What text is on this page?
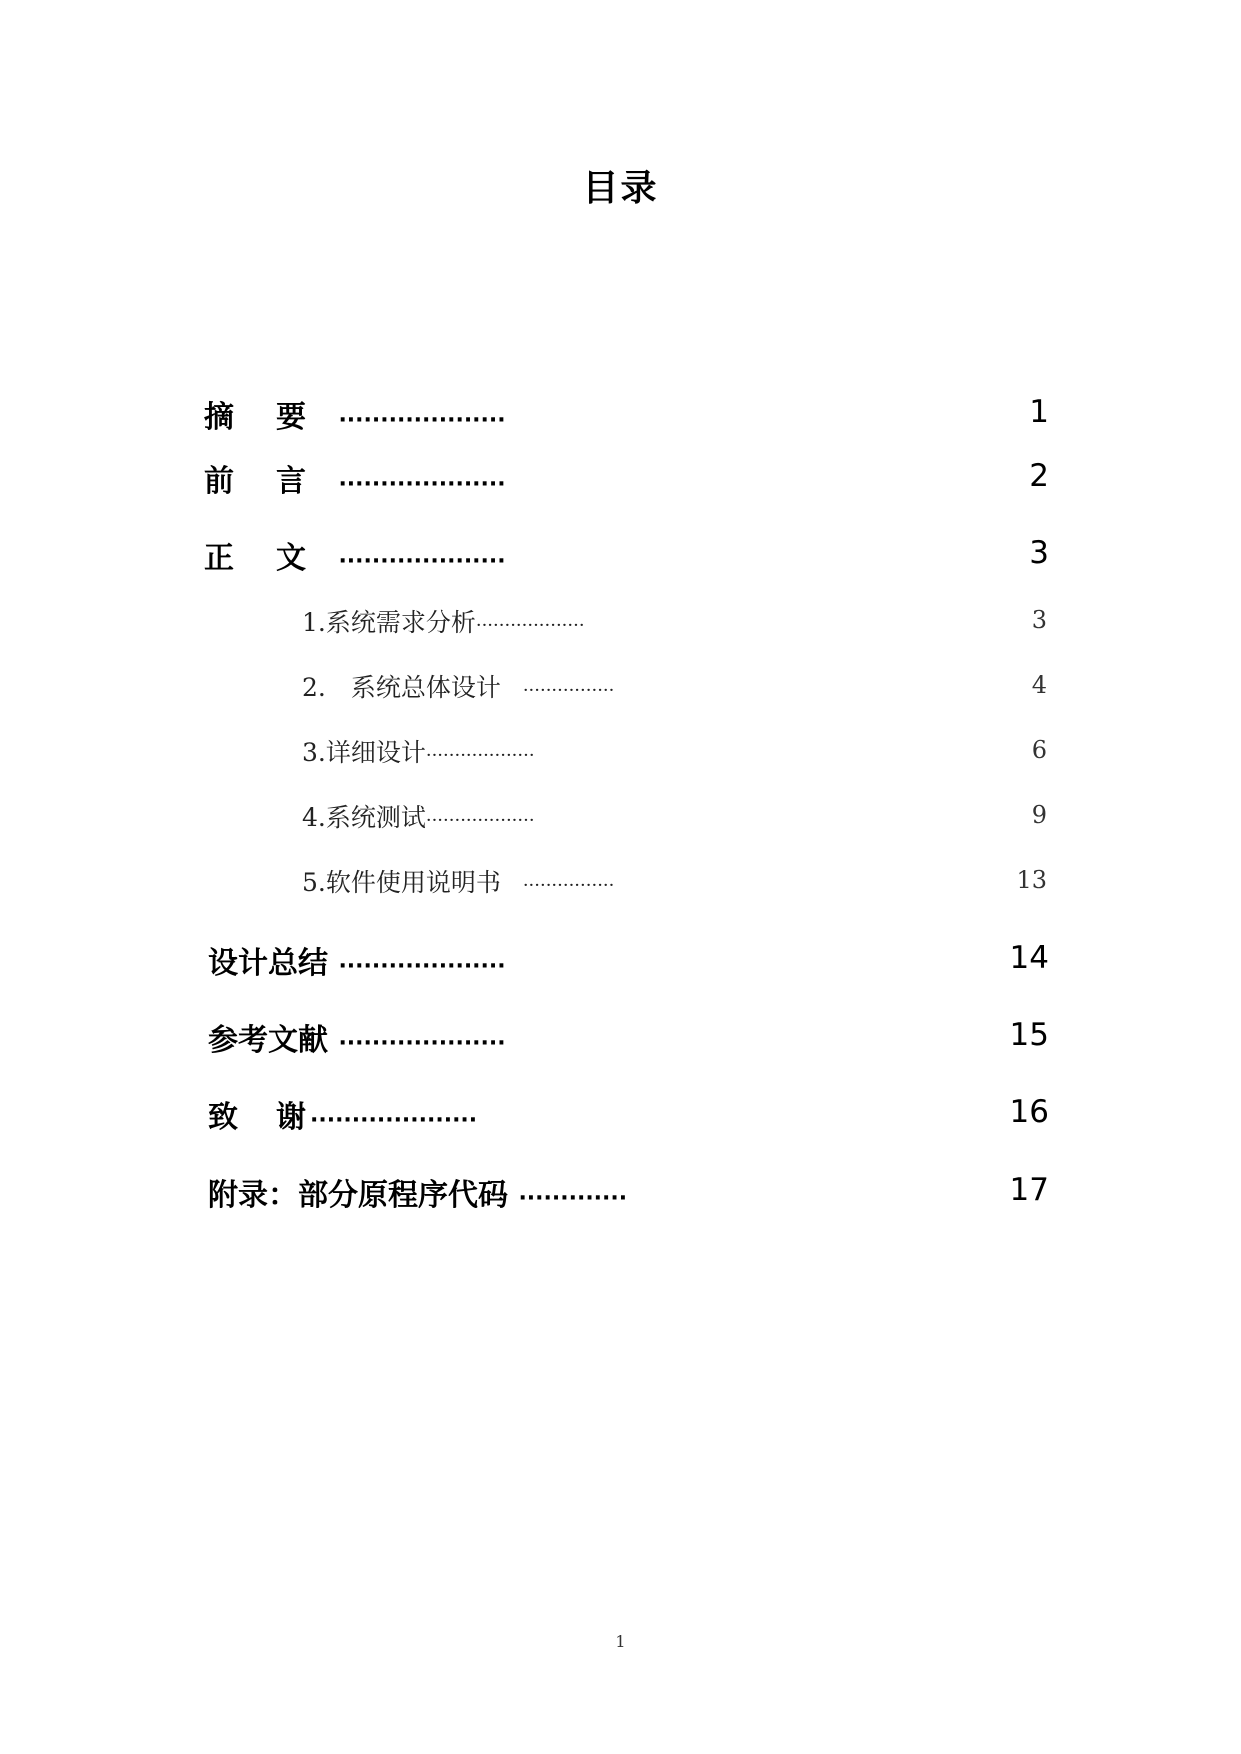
目录
摘　要 ····················	1
前　言 ····················	2
正　文 ····················	3
1.系统需求分析···················	3
2.　系统总体设计 ················	4
3.详细设计···················	6
4.系统测试···················	9
5.软件使用说明书 ················	13
设计总结 ····················	14
参考文献 ····················	15
致　谢····················	16
附录：部分原程序代码 ·············	17
1
